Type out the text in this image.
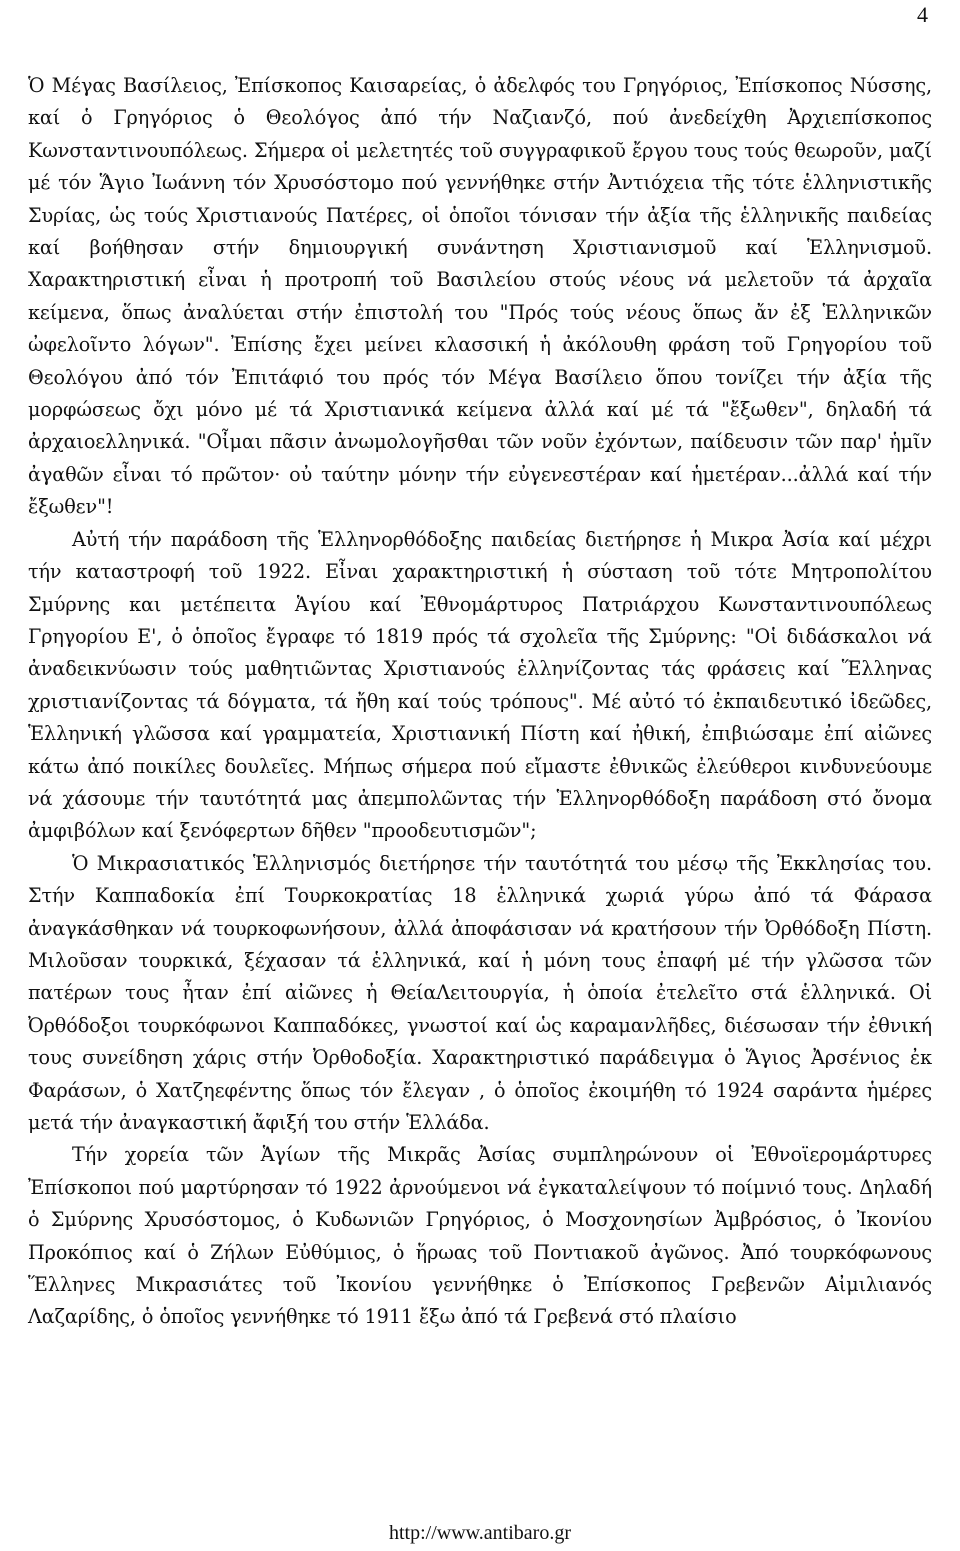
4

Ὁ Μέγας Βασίλειος, Ἐπίσκοπος Καισαρείας, ὁ ἀδελφός του Γρηγόριος, Ἐπίσκοπος Νύσσης, καί ὁ Γρηγόριος ὁ Θεολόγος ἀπό τήν Ναζιανζό, πού ἀνεδείχθη Ἀρχιεπίσκοπος Κωνσταντινουπόλεως. Σήμερα οἱ μελετητές τοῦ συγγραφικοῦ ἔργου τους τούς θεωροῦν, μαζί μέ τόν Ἅγιο Ἰωάννη τόν Χρυσόστομο πού γεννήθηκε στήν Ἀντιόχεια τῆς τότε ἑλληνιστικῆς Συρίας, ὡς τούς Χριστιανούς Πατέρες, οἱ ὁποῖοι τόνισαν τήν ἀξία τῆς ἑλληνικῆς παιδείας καί βοήθησαν στήν δημιουργική συνάντηση Χριστιανισμοῦ καί Ἑλληνισμοῦ. Χαρακτηριστική εἶναι ἡ προτροπή τοῦ Βασιλείου στούς νέους νά μελετοῦν τά ἀρχαῖα κείμενα, ὅπως ἀναλύεται στήν ἐπιστολή του "Πρός τούς νέους ὅπως ἄν ἐξ Ἑλληνικῶν ὠφελοῖντο λόγων". Ἐπίσης ἔχει μείνει κλασσική ἡ ἀκόλουθη φράση τοῦ Γρηγορίου τοῦ Θεολόγου ἀπό τόν Ἐπιτάφιό του πρός τόν Μέγα Βασίλειο ὅπου τονίζει τήν ἀξία τῆς μορφώσεως ὄχι μόνο μέ τά Χριστιανικά κείμενα ἀλλά καί μέ τά "ἔξωθεν", δηλαδή τά ἀρχαιοελληνικά. "Οἶμαι πᾶσιν ἀνωμολογῆσθαι τῶν νοῦν ἐχόντων, παίδευσιν τῶν παρ' ἡμῖν ἀγαθῶν εἶναι τό πρῶτον· οὐ ταύτην μόνην τήν εὐγενεστέραν καί ἡμετέραν...ἀλλά καί τήν ἔξωθεν"!

Αὐτή τήν παράδοση τῆς Ἑλληνορθόδοξης παιδείας διετήρησε ἡ Μικρα Ἀσία καί μέχρι τήν καταστροφή τοῦ 1922. Εἶναι χαρακτηριστική ἡ σύσταση τοῦ τότε Μητροπολίτου Σμύρνης και μετέπειτα Ἁγίου καί Ἐθνομάρτυρος Πατριάρχου Κωνσταντινουπόλεως Γρηγορίου Ε', ὁ ὁποῖος ἔγραφε τό 1819 πρός τά σχολεῖα τῆς Σμύρνης: "Οἱ διδάσκαλοι νά ἀναδεικνύωσιν τούς μαθητιῶντας Χριστιανούς ἑλληνίζοντας τάς φράσεις καί Ἕλληνας χριστιανίζοντας τά δόγματα, τά ἤθη καί τούς τρόπους". Μέ αὐτό τό ἐκπαιδευτικό ἰδεῶδες, Ἑλληνική γλῶσσα καί γραμματεία, Χριστιανική Πίστη καί ἠθική, ἐπιβιώσαμε ἐπί αἰῶνες κάτω ἀπό ποικίλες δουλεῖες. Μήπως σήμερα πού εἴμαστε ἐθνικῶς ἐλεύθεροι κινδυνεύουμε νά χάσουμε τήν ταυτότητά μας ἀπεμπολῶντας τήν Ἑλληνορθόδοξη παράδοση στό ὄνομα ἀμφιβόλων καί ξενόφερτων δῆθεν "προοδευτισμῶν";

Ὁ Μικρασιατικός Ἑλληνισμός διετήρησε τήν ταυτότητά του μέσῳ τῆς Ἐκκλησίας του. Στήν Καππαδοκία ἐπί Τουρκοκρατίας 18 ἑλληνικά χωριά γύρω ἀπό τά Φάρασα ἀναγκάσθηκαν νά τουρκοφωνήσουν, ἀλλά ἀποφάσισαν νά κρατήσουν τήν Ὀρθόδοξη Πίστη. Μιλοῦσαν τουρκικά, ξέχασαν τά ἑλληνικά, καί ἡ μόνη τους ἐπαφή μέ τήν γλῶσσα τῶν πατέρων τους ἦταν ἐπί αἰῶνες ἡ ΘείαΛειτουργία, ἡ ὁποία ἐτελεῖτο στά ἑλληνικά. Οἱ Ὀρθόδοξοι τουρκόφωνοι Καππαδόκες, γνωστοί καί ὡς καραμανλῆδες, διέσωσαν τήν ἐθνική τους συνείδηση χάρις στήν Ὀρθοδοξία. Χαρακτηριστικό παράδειγμα ὁ Ἅγιος Ἀρσένιος ἐκ Φαράσων, ὁ Χατζηεφέντης ὅπως τόν ἔλεγαν , ὁ ὁποῖος ἐκοιμήθη τό 1924 σαράντα ἡμέρες μετά τήν ἀναγκαστική ἄφιξή του στήν Ἑλλάδα.

Τήν χορεία τῶν Ἁγίων τῆς Μικρᾶς Ἀσίας συμπληρώνουν οἱ Ἐθνοϊερομάρτυρες Ἐπίσκοποι πού μαρτύρησαν τό 1922 ἀρνούμενοι νά ἐγκαταλείψουν τό ποίμνιό τους. Δηλαδή ὁ Σμύρνης Χρυσόστομος, ὁ Κυδωνιῶν Γρηγόριος, ὁ Μοσχονησίων Ἀμβρόσιος, ὁ Ἰκονίου Προκόπιος καί ὁ Ζήλων Εὐθύμιος, ὁ ἥρωας τοῦ Ποντιακοῦ ἀγῶνος. Ἀπό τουρκόφωνους Ἕλληνες Μικρασιάτες τοῦ Ἰκονίου γεννήθηκε ὁ Ἐπίσκοπος Γρεβενῶν Αἰμιλιανός Λαζαρίδης, ὁ ὁποῖος γεννήθηκε τό 1911 ἔξω ἀπό τά Γρεβενά στό πλαίσιο

http://www.antibaro.gr
